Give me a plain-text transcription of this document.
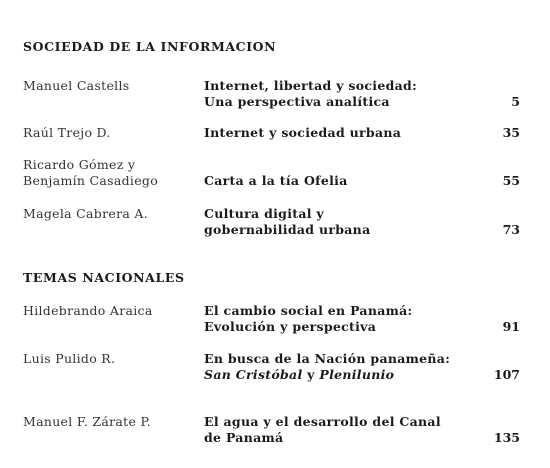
SOCIEDAD DE LA INFORMACION
Manuel Castells	Internet, libertad y sociedad:
Una perspectiva analítica	5
Raúl Trejo D.	Internet y sociedad urbana	35
Ricardo Gómez y
Benjamín Casadiego	Carta a la tía Ofelia	55
Magela Cabrera A.	Cultura digital y
gobernabilidad urbana	73
TEMAS NACIONALES
Hildebrando Araica	El cambio social en Panamá:
Evolución y perspectiva	91
Luis Pulido R.	En busca de la Nación panameña:
San Cristóbal y Plenilunio	107
Manuel F. Zárate P.	El agua y el desarrollo del Canal
de Panamá	135
